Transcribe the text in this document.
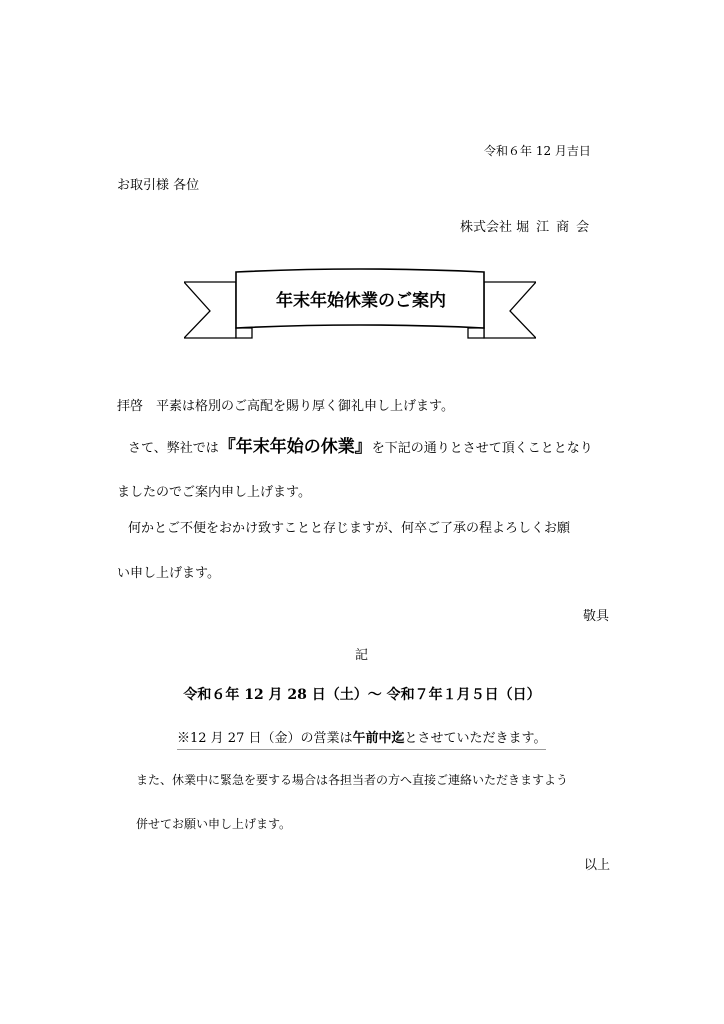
令和６年 12 月吉日
お取引様 各位
株式会社 堀江商会
年末年始休業のご案内
拝啓　平素は格別のご高配を賜り厚く御礼申し上げます。
さて、弊社では『年末年始の休業』を下記の通りとさせて頂くこととなり
ましたのでご案内申し上げます。
何かとご不便をおかけ致すことと存じますが、何卒ご了承の程よろしくお願
い申し上げます。
敬具
記
令和６年 12 月 28 日（土）～ 令和７年１月５日（日）
※12 月 27 日（金）の営業は午前中迄とさせていただきます。
また、休業中に緊急を要する場合は各担当者の方へ直接ご連絡いただきますよう
併せてお願い申し上げます。
以上
